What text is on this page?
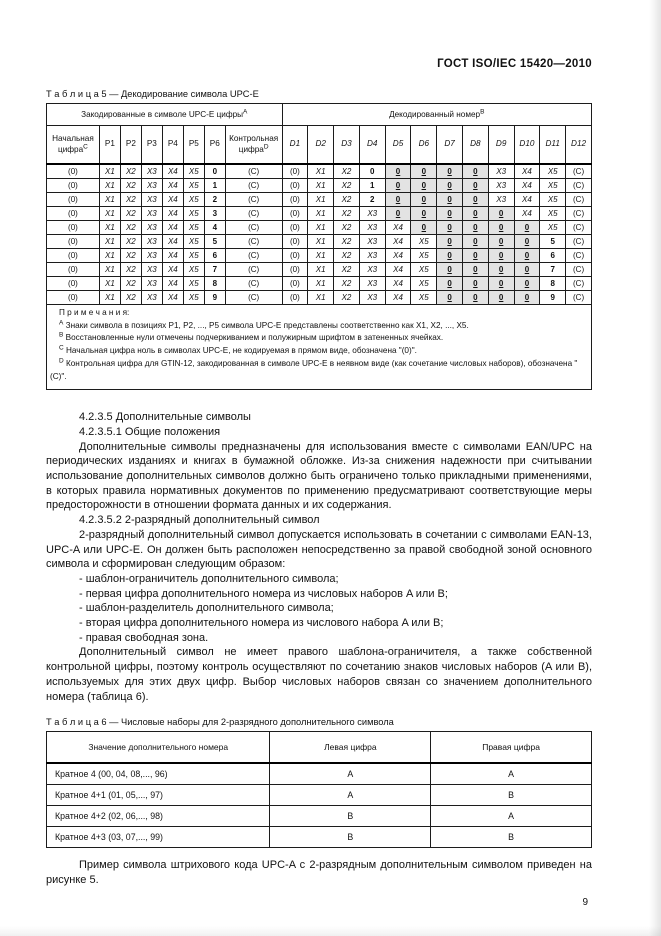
ГОСТ ISO/IEC 15420—2010
Т а б л и ц а 5 — Декодирование символа UPC-E
Закодированные в символе UPC-E цифры$^A$								Декодированный номер$^B$
Начальная цифра$^C$	P1	P2	P3	P4	P5	P6	Контрольная цифра$^D$	D1	D2	D3	D4	D5	D6	D7	D8	D9	D10	D11	D12
(0)	X1	X2	X3	X4	X5	0	(C)	(0)	X1	X2	0	0	0	0	0	X3	X4	X5	(C)
(0)	X1	X2	X3	X4	X5	1	(C)	(0)	X1	X2	1	0	0	0	0	X3	X4	X5	(C)
(0)	X1	X2	X3	X4	X5	2	(C)	(0)	X1	X2	2	0	0	0	0	X3	X4	X5	(C)
(0)	X1	X2	X3	X4	X5	3	(C)	(0)	X1	X2	X3	0	0	0	0	0	X4	X5	(C)
(0)	X1	X2	X3	X4	X5	4	(C)	(0)	X1	X2	X3	X4	0	0	0	0	0	X5	(C)
(0)	X1	X2	X3	X4	X5	5	(C)	(0)	X1	X2	X3	X4	X5	0	0	0	0	5	(C)
(0)	X1	X2	X3	X4	X5	6	(C)	(0)	X1	X2	X3	X4	X5	0	0	0	0	6	(C)
(0)	X1	X2	X3	X4	X5	7	(C)	(0)	X1	X2	X3	X4	X5	0	0	0	0	7	(C)
(0)	X1	X2	X3	X4	X5	8	(C)	(0)	X1	X2	X3	X4	X5	0	0	0	0	8	(C)
(0)	X1	X2	X3	X4	X5	9	(C)	(0)	X1	X2	X3	X4	X5	0	0	0	0	9	(C)

П р и м е ч а н и я:
$^A$ Знаки символа в позициях P1, P2, ..., P5 символа UPC-E представлены соответственно как X1, X2, ..., X5.
$^B$ Восстановленные нули отмечены подчеркиванием и полужирным шрифтом в затененных ячейках.
$^C$ Начальная цифра ноль в символах UPC-E, не кодируемая в прямом виде, обозначена "(0)".
$^D$ Контрольная цифра для GTIN-12, закодированная в символе UPC-E в неявном виде (как сочетание числовых наборов), обозначена "(C)".																			

4.2.3.5 Дополнительные символы

4.2.3.5.1 Общие положения

Дополнительные символы предназначены для использования вместе с символами EAN/UPC на периодических изданиях и книгах в бумажной обложке. Из-за снижения надежности при считывании использование дополнительных символов должно быть ограничено только прикладными применениями, в которых правила нормативных документов по применению предусматривают соответствующие меры предосторожности в отношении формата данных и их содержания.

4.2.3.5.2 2-разрядный дополнительный символ

2-разрядный дополнительный символ допускается использовать в сочетании с символами EAN-13, UPC-A или UPC-E. Он должен быть расположен непосредственно за правой свободной зоной основного символа и сформирован следующим образом:

- шаблон-ограничитель дополнительного символа;
- первая цифра дополнительного номера из числовых наборов A или B;
- шаблон-разделитель дополнительного символа;
- вторая цифра дополнительного номера из числового набора A или B;
- правая свободная зона.

Дополнительный символ не имеет правого шаблона-ограничителя, а также собственной контрольной цифры, поэтому контроль осуществляют по сочетанию знаков числовых наборов (A или B), используемых для этих двух цифр. Выбор числовых наборов связан со значением дополнительного номера (таблица 6).

Т а б л и ц а 6 — Числовые наборы для 2-разрядного дополнительного символа
Значение дополнительного номера	Левая цифра	Правая цифра
Кратное 4 (00, 04, 08,..., 96)	A	A
Кратное 4+1 (01, 05,..., 97)	A	B
Кратное 4+2 (02, 06,..., 98)	B	A
Кратное 4+3 (03, 07,..., 99)	B	B

Пример символа штрихового кода UPC-A с 2-разрядным дополнительным символом приведен на рисунке 5.

9
